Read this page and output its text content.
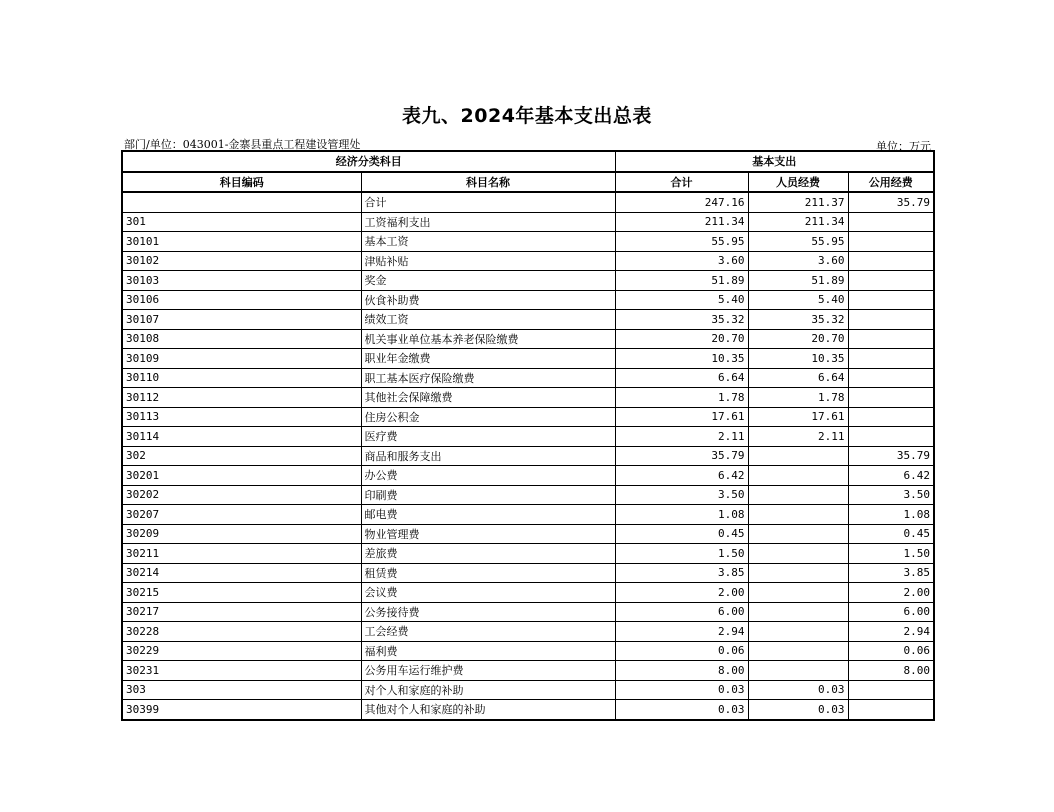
表九、2024年基本支出总表
部门/单位：043001-金寨县重点工程建设管理处	单位：万元
经济分类科目		基本支出		
科目编码	科目名称	合计	人员经费	公用经费
	合计	247.16	211.37	35.79
301	工资福利支出	211.34	211.34	
30101	基本工资	55.95	55.95	
30102	津贴补贴	3.60	3.60	
30103	奖金	51.89	51.89	
30106	伙食补助费	5.40	5.40	
30107	绩效工资	35.32	35.32	
30108	机关事业单位基本养老保险缴费	20.70	20.70	
30109	职业年金缴费	10.35	10.35	
30110	职工基本医疗保险缴费	6.64	6.64	
30112	其他社会保障缴费	1.78	1.78	
30113	住房公积金	17.61	17.61	
30114	医疗费	2.11	2.11	
302	商品和服务支出	35.79		35.79
30201	办公费	6.42		6.42
30202	印刷费	3.50		3.50
30207	邮电费	1.08		1.08
30209	物业管理费	0.45		0.45
30211	差旅费	1.50		1.50
30214	租赁费	3.85		3.85
30215	会议费	2.00		2.00
30217	公务接待费	6.00		6.00
30228	工会经费	2.94		2.94
30229	福利费	0.06		0.06
30231	公务用车运行维护费	8.00		8.00
303	对个人和家庭的补助	0.03	0.03	
30399	其他对个人和家庭的补助	0.03	0.03	
